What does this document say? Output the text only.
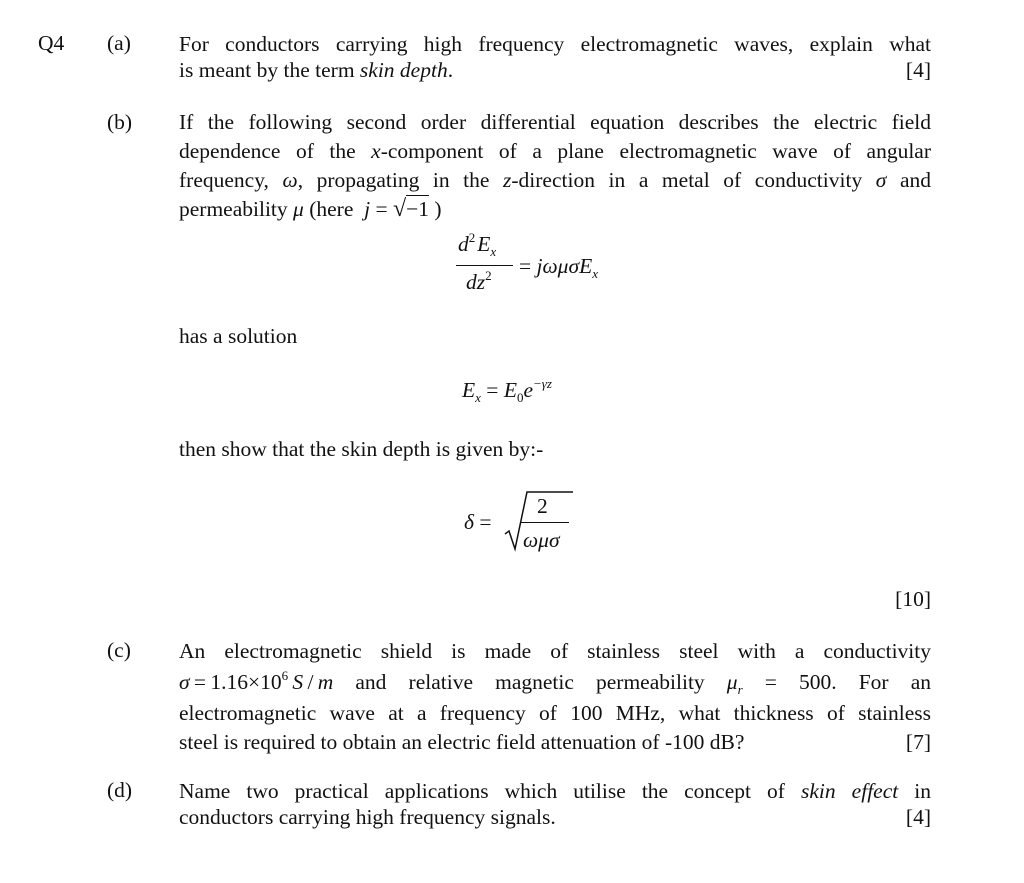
Q4 (a) For conductors carrying high frequency electromagnetic waves, explain what
is meant by the term skin depth.	[4]
(b) If the following second order differential equation describes the electric field
dependence of the x-component of a plane electromagnetic wave of angular
frequency, ω, propagating in the z-direction in a metal of conductivity σ and
permeability μ (here  j = √−1 )
$d^2E_x$
$dz^2 = j\omega\mu\sigma E_x$
has a solution
$E_x = E_0e^{-\gamma z}$
then show that the skin depth is given by:-
δ =
2
ωμσ
[10]
(c) An electromagnetic shield is made of stainless steel with a conductivity
$\sigma = 1.16\times 10^6$  S / m and relative magnetic permeability $\mu_r = 500$. For an
electromagnetic wave at a frequency of 100 MHz, what thickness of stainless
steel is required to obtain an electric field attenuation of -100 dB?	[7]
(d) Name two practical applications which utilise the concept of skin effect in
conductors carrying high frequency signals.	[4]
